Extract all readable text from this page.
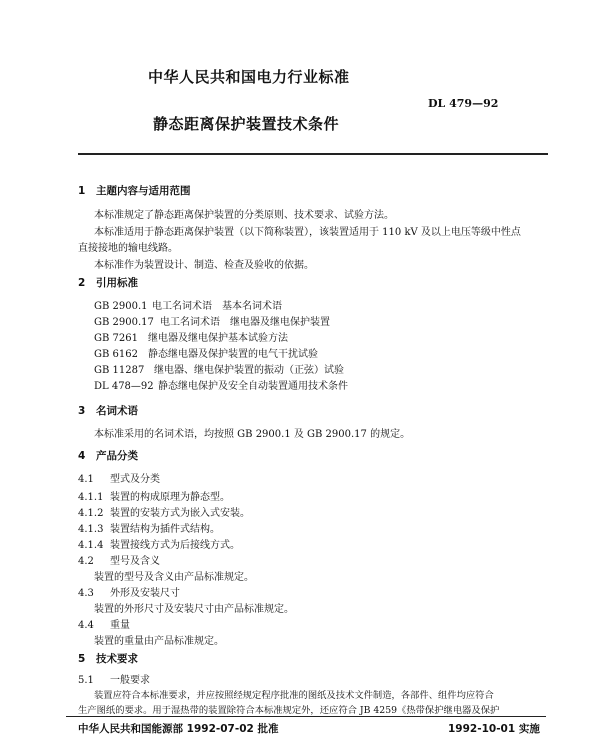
中华人民共和国电力行业标准
DL 479—92
静态距离保护装置技术条件
1 主题内容与适用范围
本标准规定了静态距离保护装置的分类原则、技术要求、试验方法。
本标准适用于静态距离保护装置（以下简称装置），该装置适用于 110 kV 及以上电压等级中性点
直接接地的输电线路。
本标准作为装置设计、制造、检查及验收的依据。
2 引用标准
GB 2900.1 电工名词术语　基本名词术语
GB 2900.17 电工名词术语　继电器及继电保护装置
GB 7261 继电器及继电保护基本试验方法
GB 6162 静态继电器及保护装置的电气干扰试验
GB 11287 继电器、继电保护装置的振动（正弦）试验
DL 478—92 静态继电保护及安全自动装置通用技术条件
3 名词术语
本标准采用的名词术语，均按照 GB 2900.1 及 GB 2900.17 的规定。
4 产品分类
4.1 型式及分类
4.1.1 装置的构成原理为静态型。
4.1.2 装置的安装方式为嵌入式安装。
4.1.3 装置结构为插件式结构。
4.1.4 装置接线方式为后接线方式。
4.2 型号及含义
装置的型号及含义由产品标准规定。
4.3 外形及安装尺寸
装置的外形尺寸及安装尺寸由产品标准规定。
4.4 重量
装置的重量由产品标准规定。
5 技术要求
5.1 一般要求
装置应符合本标准要求，并应按照经规定程序批准的图纸及技术文件制造，各部件、组件均应符合
生产图纸的要求。用于湿热带的装置除符合本标准规定外，还应符合 JB 4259《热带保护继电器及保护
中华人民共和国能源部 1992-07-02 批准	1992-10-01 实施
